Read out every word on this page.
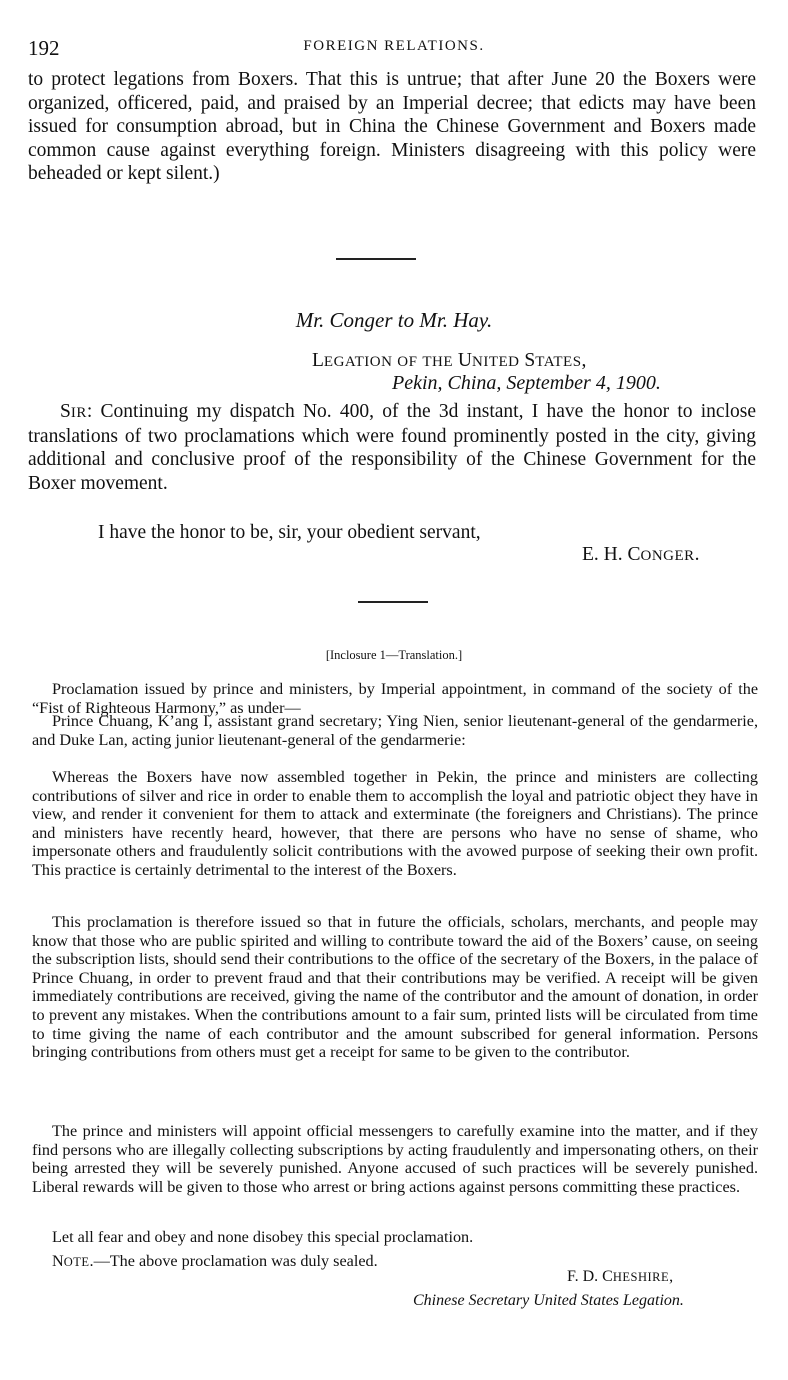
192	FOREIGN RELATIONS.

to protect legations from Boxers. That this is untrue; that after June 20 the Boxers were organized, officered, paid, and praised by an Imperial decree; that edicts may have been issued for consumption abroad, but in China the Chinese Government and Boxers made common cause against everything foreign. Ministers disagreeing with this policy were beheaded or kept silent.)

Mr. Conger to Mr. Hay.

LEGATION OF THE UNITED STATES,

Pekin, China, September 4, 1900.

SIR: Continuing my dispatch No. 400, of the 3d instant, I have the honor to inclose translations of two proclamations which were found prominently posted in the city, giving additional and conclusive proof of the responsibility of the Chinese Government for the Boxer movement.

I have the honor to be, sir, your obedient servant,

E. H. CONGER.

[Inclosure 1—Translation.]

Proclamation issued by prince and ministers, by Imperial appointment, in command of the society of the “Fist of Righteous Harmony,” as under—

Prince Chuang, K’ang I, assistant grand secretary; Ying Nien, senior lieutenant-general of the gendarmerie, and Duke Lan, acting junior lieutenant-general of the gendarmerie:

Whereas the Boxers have now assembled together in Pekin, the prince and ministers are collecting contributions of silver and rice in order to enable them to accomplish the loyal and patriotic object they have in view, and render it convenient for them to attack and exterminate (the foreigners and Christians). The prince and ministers have recently heard, however, that there are persons who have no sense of shame, who impersonate others and fraudulently solicit contributions with the avowed purpose of seeking their own profit. This practice is certainly detrimental to the interest of the Boxers.

This proclamation is therefore issued so that in future the officials, scholars, merchants, and people may know that those who are public spirited and willing to contribute toward the aid of the Boxers’ cause, on seeing the subscription lists, should send their contributions to the office of the secretary of the Boxers, in the palace of Prince Chuang, in order to prevent fraud and that their contributions may be verified. A receipt will be given immediately contributions are received, giving the name of the contributor and the amount of donation, in order to prevent any mistakes. When the contributions amount to a fair sum, printed lists will be circulated from time to time giving the name of each contributor and the amount subscribed for general information. Persons bringing contributions from others must get a receipt for same to be given to the contributor.

The prince and ministers will appoint official messengers to carefully examine into the matter, and if they find persons who are illegally collecting subscriptions by acting fraudulently and impersonating others, on their being arrested they will be severely punished. Anyone accused of such practices will be severely punished. Liberal rewards will be given to those who arrest or bring actions against persons committing these practices.

Let all fear and obey and none disobey this special proclamation.

NOTE.—The above proclamation was duly sealed.

F. D. CHESHIRE,

Chinese Secretary United States Legation.
